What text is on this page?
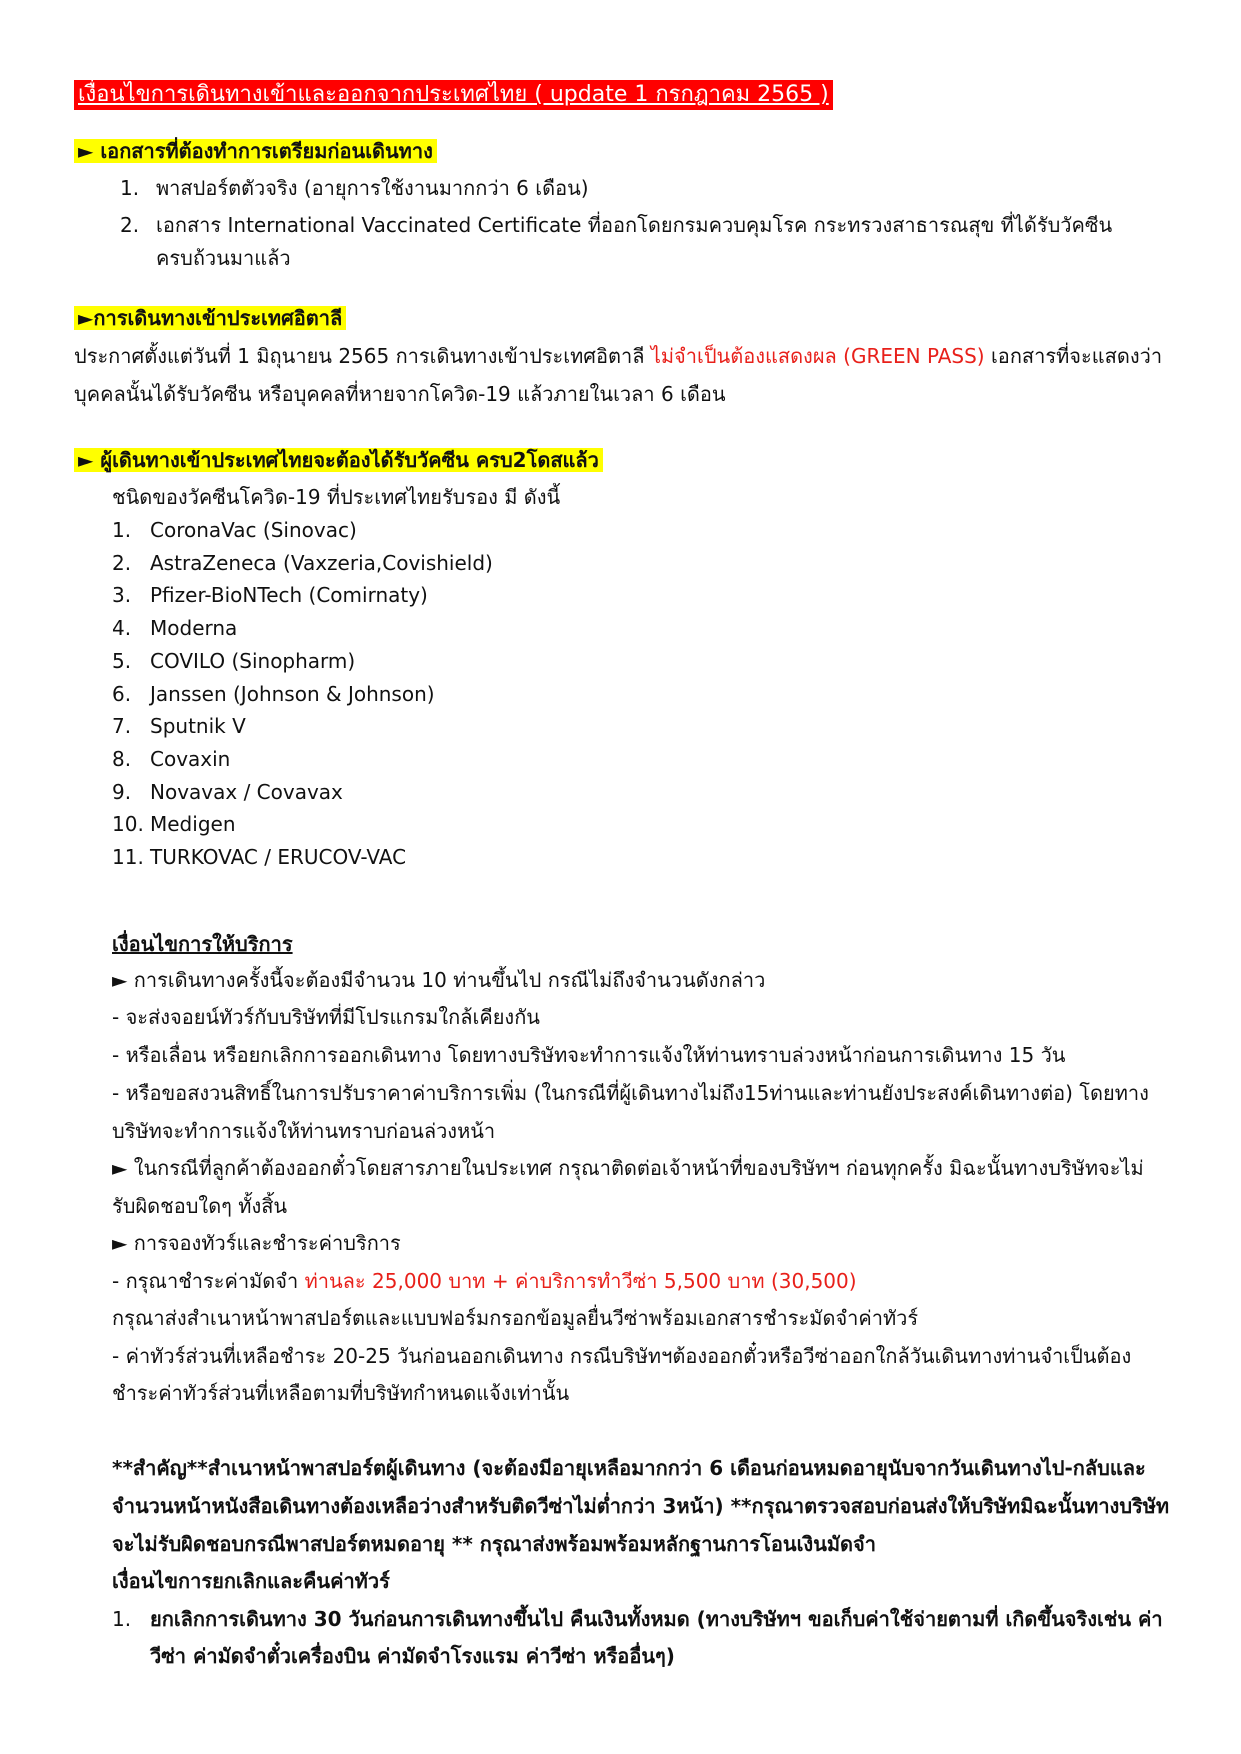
เงื่อนไขการเดินทางเข้าและออกจากประเทศไทย ( update 1 กรกฎาคม 2565 )
► เอกสารที่ต้องทำการเตรียมก่อนเดินทาง
1. พาสปอร์ตตัวจริง (อายุการใช้งานมากกว่า 6 เดือน)
2. เอกสาร International Vaccinated Certificate ที่ออกโดยกรมควบคุมโรค กระทรวงสาธารณสุข ที่ได้รับวัคซีน
ครบถ้วนมาแล้ว
►การเดินทางเข้าประเทศอิตาลี
ประกาศตั้งแต่วันที่ 1 มิถุนายน 2565 การเดินทางเข้าประเทศอิตาลี ไม่จำเป็นต้องแสดงผล (GREEN PASS) เอกสารที่จะแสดงว่า
บุคคลนั้นได้รับวัคซีน หรือบุคคลที่หายจากโควิด-19 แล้วภายในเวลา 6 เดือน
► ผู้เดินทางเข้าประเทศไทยจะต้องได้รับวัคซีน ครบ2โดสแล้ว
ชนิดของวัคซีนโควิด-19 ที่ประเทศไทยรับรอง มี ดังนี้
1. CoronaVac (Sinovac)
2. AstraZeneca (Vaxzeria,Covishield)
3. Pfizer-BioNTech (Comirnaty)
4. Moderna
5. COVILO (Sinopharm)
6. Janssen (Johnson & Johnson)
7. Sputnik V
8. Covaxin
9. Novavax / Covavax
10. Medigen
11. TURKOVAC / ERUCOV-VAC
เงื่อนไขการให้บริการ
► การเดินทางครั้งนี้จะต้องมีจำนวน 10 ท่านขึ้นไป กรณีไม่ถึงจำนวนดังกล่าว
- จะส่งจอยน์ทัวร์กับบริษัทที่มีโปรแกรมใกล้เคียงกัน
- หรือเลื่อน หรือยกเลิกการออกเดินทาง โดยทางบริษัทจะทำการแจ้งให้ท่านทราบล่วงหน้าก่อนการเดินทาง 15 วัน
- หรือขอสงวนสิทธิ์ในการปรับราคาค่าบริการเพิ่ม (ในกรณีที่ผู้เดินทางไม่ถึง15ท่านและท่านยังประสงค์เดินทางต่อ) โดยทาง
บริษัทจะทำการแจ้งให้ท่านทราบก่อนล่วงหน้า
► ในกรณีที่ลูกค้าต้องออกตั๋วโดยสารภายในประเทศ กรุณาติดต่อเจ้าหน้าที่ของบริษัทฯ ก่อนทุกครั้ง มิฉะนั้นทางบริษัทจะไม่
รับผิดชอบใดๆ ทั้งสิ้น
► การจองทัวร์และชำระค่าบริการ
- กรุณาชำระค่ามัดจำ ท่านละ 25,000 บาท + ค่าบริการทำวีซ่า 5,500 บาท (30,500)
กรุณาส่งสำเนาหน้าพาสปอร์ตและแบบฟอร์มกรอกข้อมูลยื่นวีซ่าพร้อมเอกสารชำระมัดจำค่าทัวร์
- ค่าทัวร์ส่วนที่เหลือชำระ 20-25 วันก่อนออกเดินทาง กรณีบริษัทฯต้องออกตั๋วหรือวีซ่าออกใกล้วันเดินทางท่านจำเป็นต้อง
ชำระค่าทัวร์ส่วนที่เหลือตามที่บริษัทกำหนดแจ้งเท่านั้น
**สำคัญ**สำเนาหน้าพาสปอร์ตผู้เดินทาง (จะต้องมีอายุเหลือมากกว่า 6 เดือนก่อนหมดอายุนับจากวันเดินทางไป-กลับและ
จำนวนหน้าหนังสือเดินทางต้องเหลือว่างสำหรับติดวีซ่าไม่ต่ำกว่า 3หน้า) **กรุณาตรวจสอบก่อนส่งให้บริษัทมิฉะนั้นทางบริษัท
จะไม่รับผิดชอบกรณีพาสปอร์ตหมดอายุ ** กรุณาส่งพร้อมพร้อมหลักฐานการโอนเงินมัดจำ
เงื่อนไขการยกเลิกและคืนค่าทัวร์
1. ยกเลิกการเดินทาง 30 วันก่อนการเดินทางขึ้นไป คืนเงินทั้งหมด (ทางบริษัทฯ ขอเก็บค่าใช้จ่ายตามที่ เกิดขึ้นจริงเช่น ค่า
วีซ่า ค่ามัดจำตั๋วเครื่องบิน ค่ามัดจำโรงแรม ค่าวีซ่า หรืออื่นๆ)
